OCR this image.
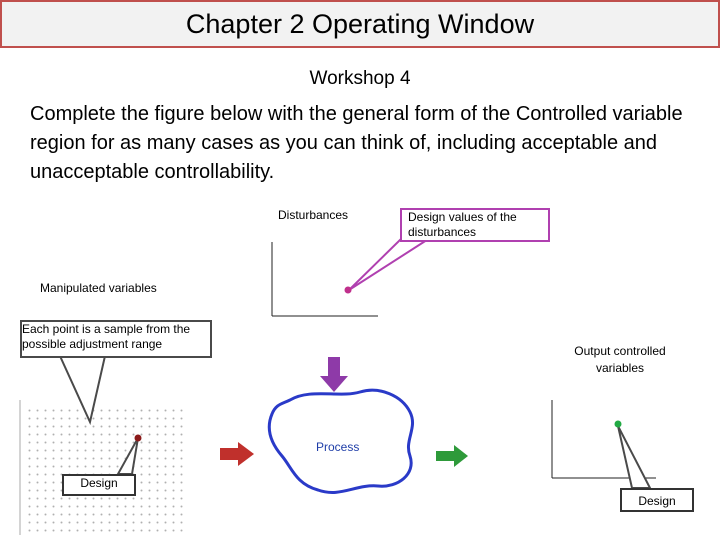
Chapter 2 Operating Window
Workshop 4
Complete the figure below with the general form of the Controlled variable region for as many cases as you can think of, including acceptable and unacceptable controllability.
Disturbances	Design values of the disturbances
Manipulated variables
Each point is a sample from the possible adjustment range	Output controlled variables
Process
Design
Design
